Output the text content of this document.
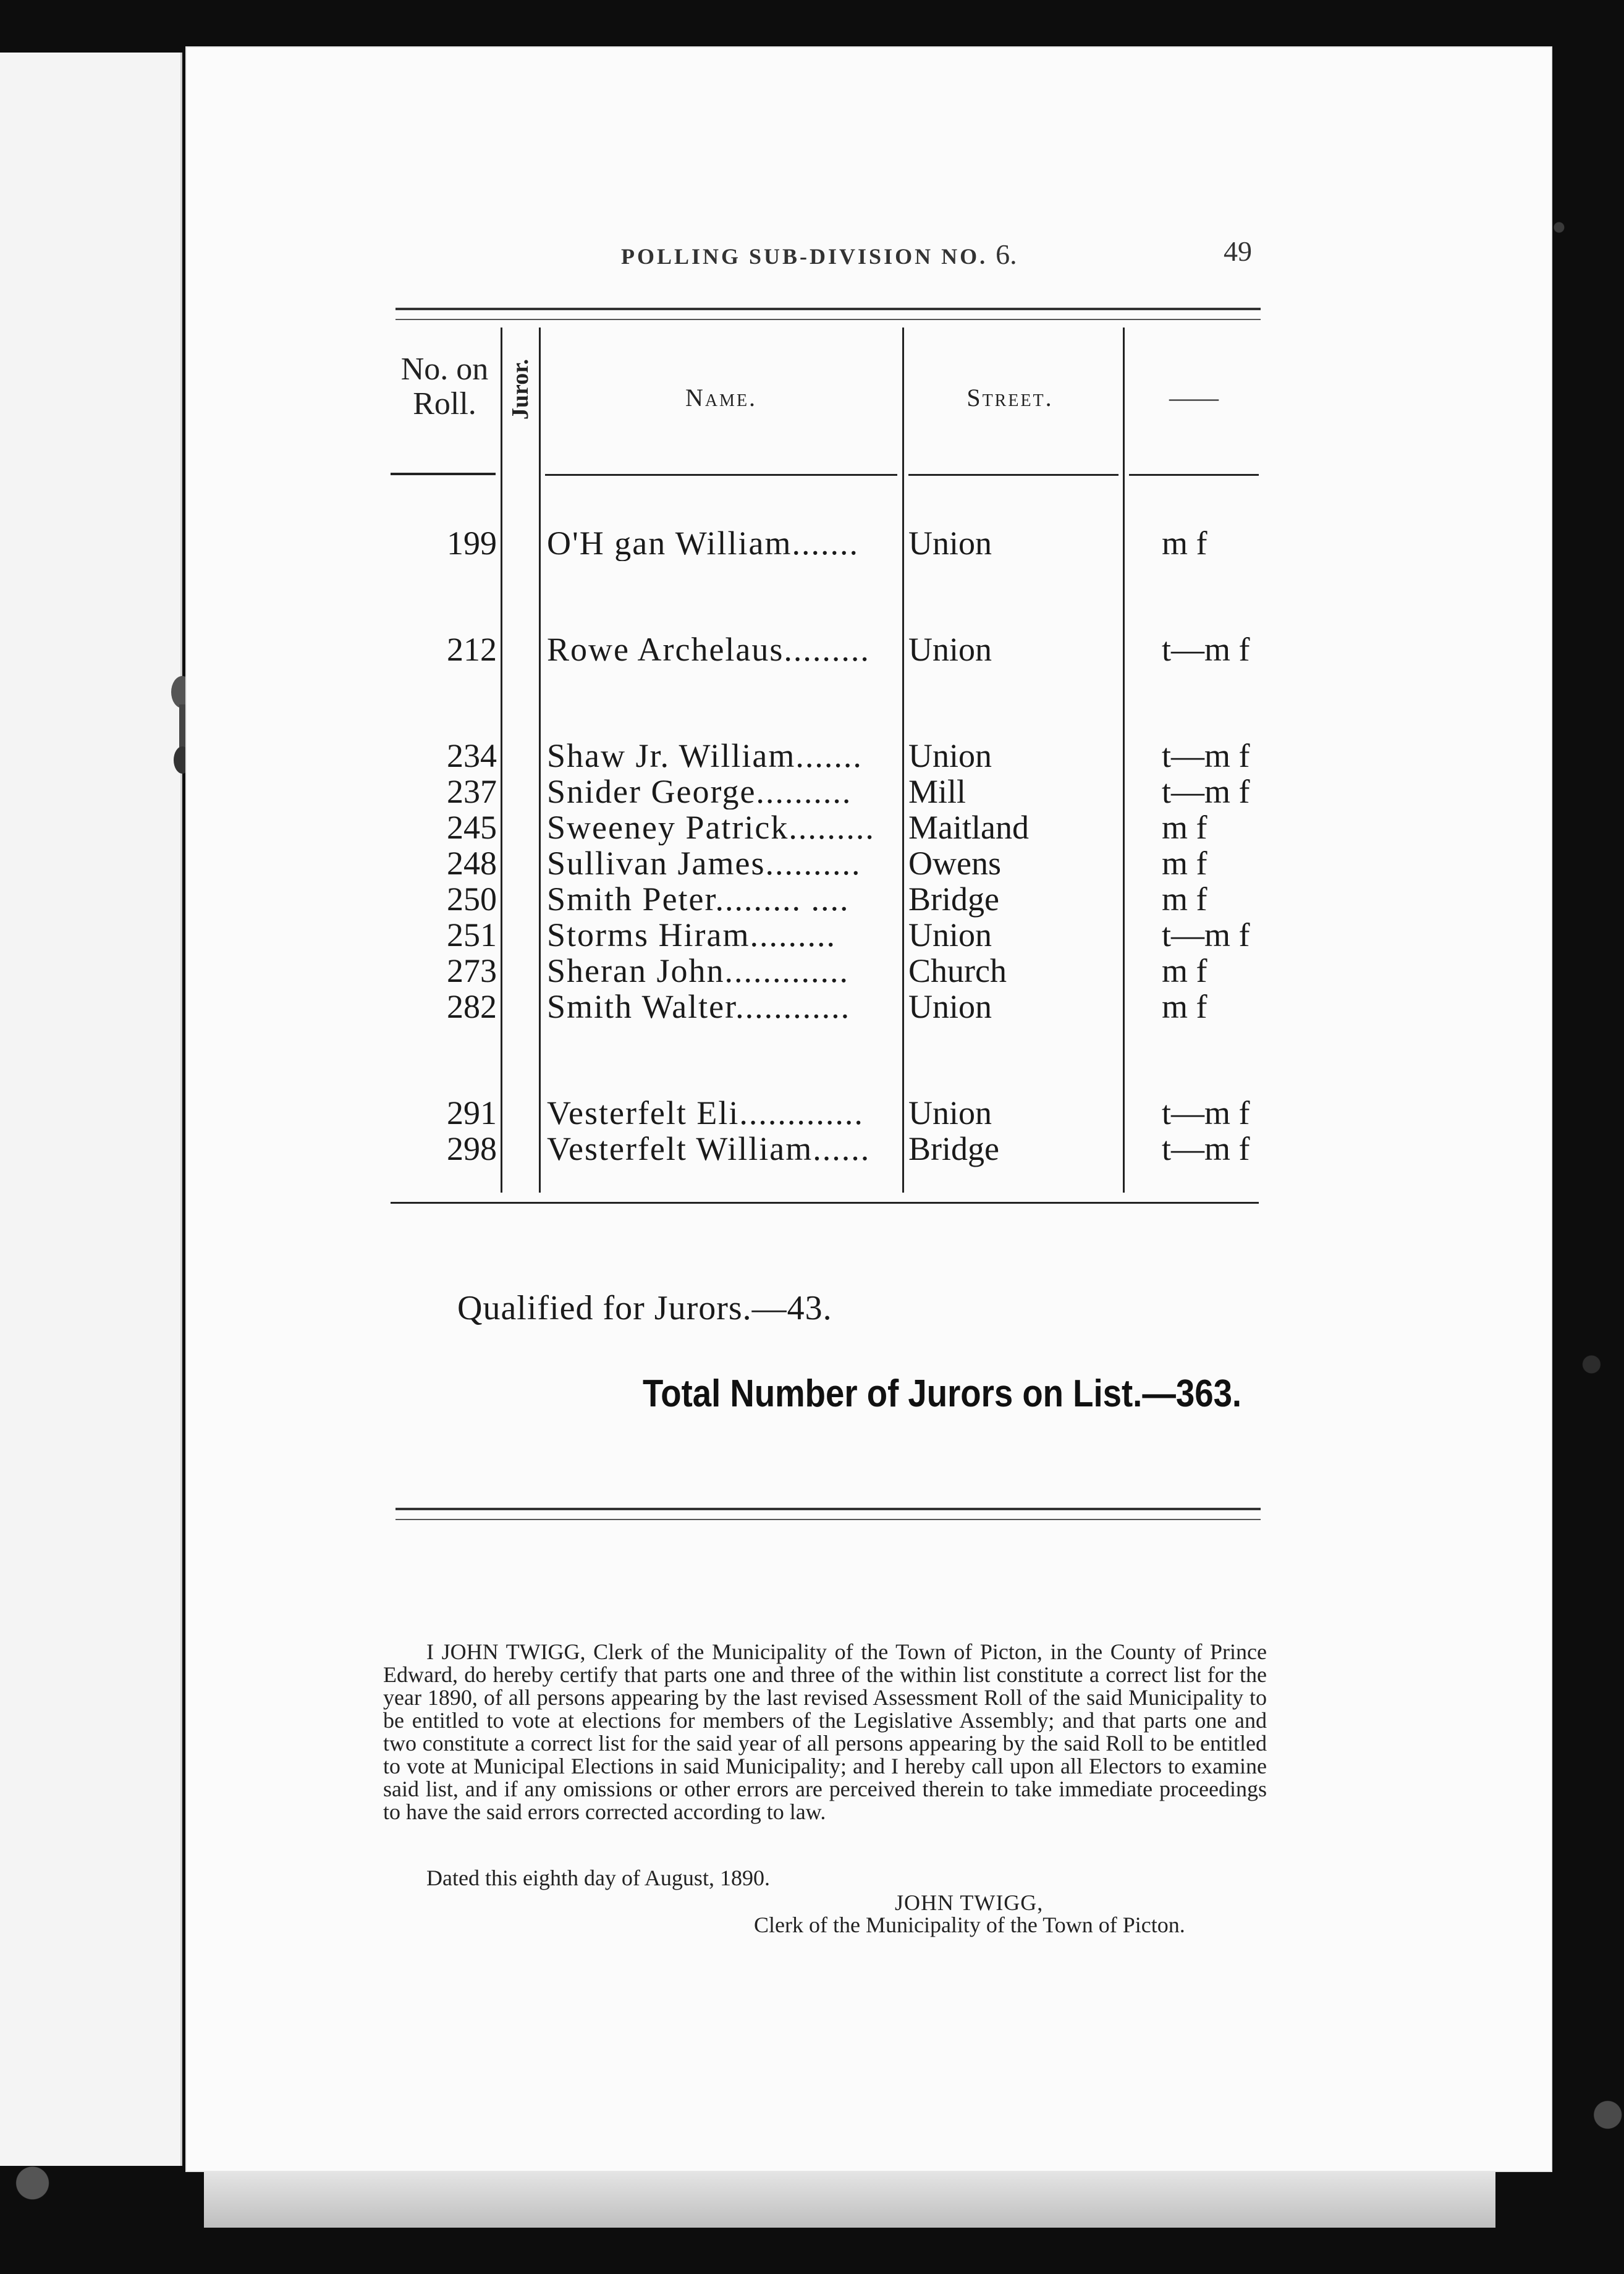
POLLING SUB-DIVISION NO. 6.	49
No. on Roll.	Juror.	Name.	Street.	——
199 O'H gan William.......	Union	m f
212 Rowe Archelaus.........	Union	t—m f
234 Shaw Jr. William.......	Union	t—m f
237 Snider George..........	Mill	t—m f
245 Sweeney Patrick.........	Maitland	m f
248 Sullivan James..........	Owens	m f
250 Smith Peter......... ....	Bridge	m f
251 Storms Hiram.........	Union	t—m f
273 Sheran John.............	Church	m f
282 Smith Walter............	Union	m f
291 Vesterfelt Eli.............	Union	t—m f
298 Vesterfelt William......	Bridge	t—m f
Qualified for Jurors.—43.
Total Number of Jurors on List.—363.

I JOHN TWIGG, Clerk of the Municipality of the Town of Picton, in the County of Prince Edward, do hereby certify that parts one and three of the within list constitute a correct list for the year 1890, of all persons appearing by the last revised Assessment Roll of the said Municipality to be entitled to vote at elections for members of the Legislative Assembly; and that parts one and two constitute a correct list for the said year of all persons appearing by the said Roll to be entitled to vote at Municipal Elections in said Municipality; and I hereby call upon all Electors to examine said list, and if any omissions or other errors are perceived therein to take immediate proceedings to have the said errors corrected according to law.

Dated this eighth day of August, 1890.
JOHN TWIGG,
Clerk of the Municipality of the Town of Picton.
